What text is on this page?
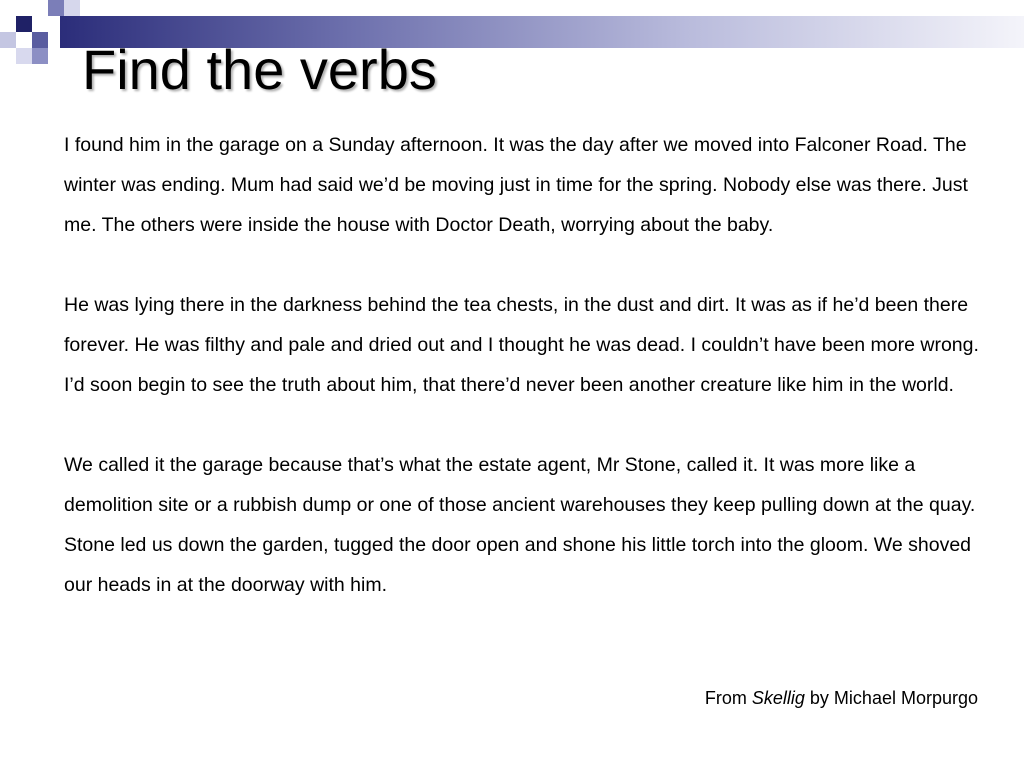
Find the verbs

I found him in the garage on a Sunday afternoon. It was the day after we moved into Falconer Road. The winter was ending. Mum had said we’d be moving just in time for the spring. Nobody else was there. Just me. The others were inside the house with Doctor Death, worrying about the baby.

He was lying there in the darkness behind the tea chests, in the dust and dirt. It was as if he’d been there forever. He was filthy and pale and dried out and I thought he was dead. I couldn’t have been more wrong. I’d soon begin to see the truth about him, that there’d never been another creature like him in the world.

We called it the garage because that’s what the estate agent, Mr Stone, called it. It was more like a demolition site or a rubbish dump or one of those ancient warehouses they keep pulling down at the quay. Stone led us down the garden, tugged the door open and shone his little torch into the gloom. We shoved our heads in at the doorway with him.

From Skellig by Michael Morpurgo
